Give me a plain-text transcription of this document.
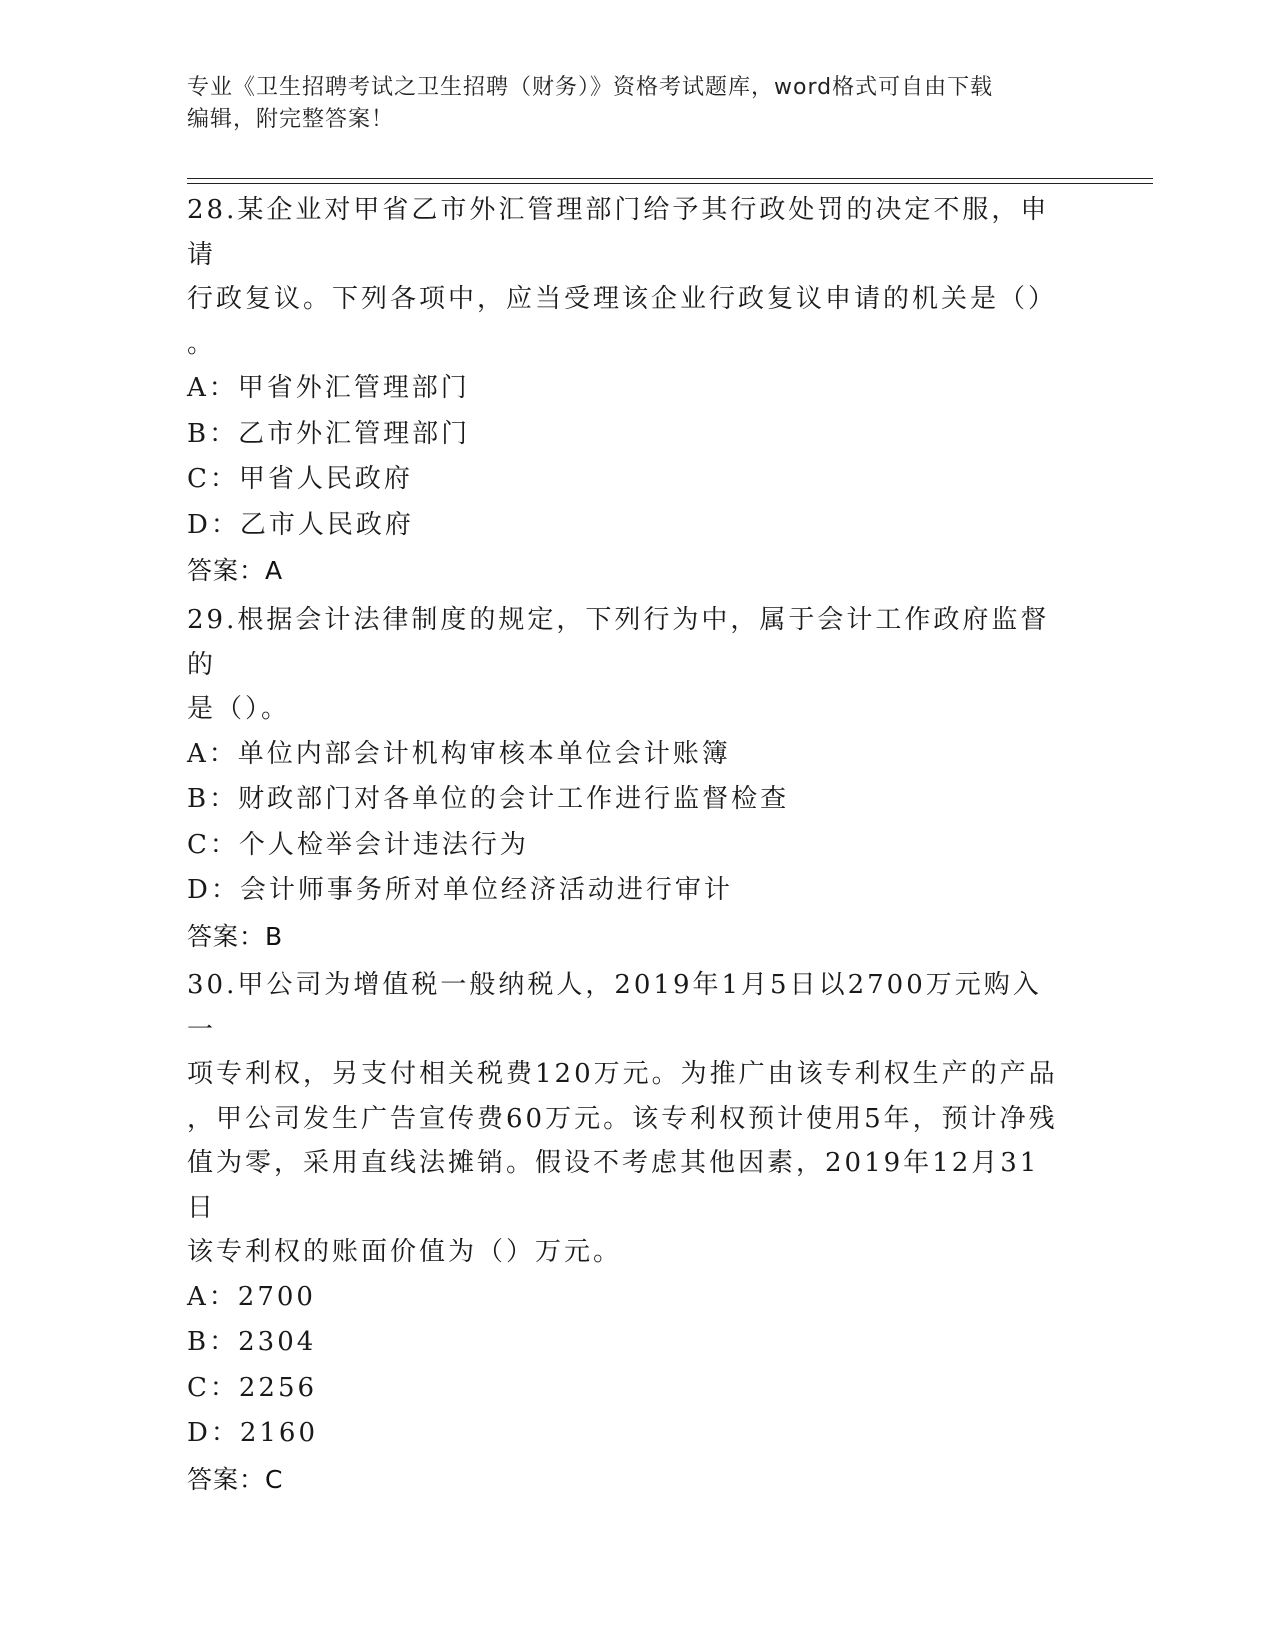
专业《卫生招聘考试之卫生招聘（财务）》资格考试题库，word格式可自由下载
编辑，附完整答案！

28.某企业对甲省乙市外汇管理部门给予其行政处罚的决定不服，申请

行政复议。下列各项中，应当受理该企业行政复议申请的机关是（）

。

A：甲省外汇管理部门

B：乙市外汇管理部门

C：甲省人民政府

D：乙市人民政府

答案：A

29.根据会计法律制度的规定，下列行为中，属于会计工作政府监督的

是（）。

A：单位内部会计机构审核本单位会计账簿

B：财政部门对各单位的会计工作进行监督检查

C：个人检举会计违法行为

D：会计师事务所对单位经济活动进行审计

答案：B

30.甲公司为增值税一般纳税人，2019年1月5日以2700万元购入一

项专利权，另支付相关税费120万元。为推广由该专利权生产的产品

，甲公司发生广告宣传费60万元。该专利权预计使用5年，预计净残

值为零，采用直线法摊销。假设不考虑其他因素，2019年12月31日

该专利权的账面价值为（）万元。

A：2700

B：2304

C：2256

D：2160

答案：C
